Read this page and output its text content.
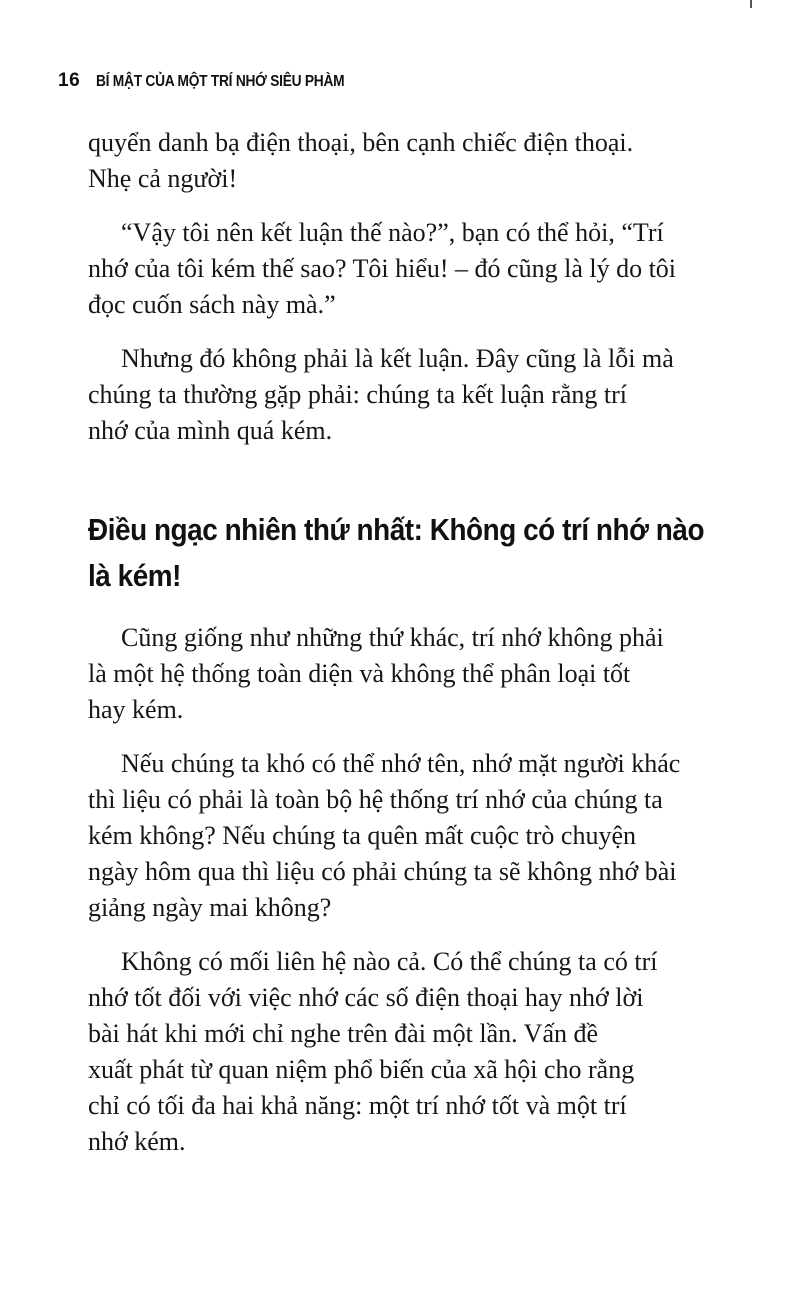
16 BÍ MẬT CỦA MỘT TRÍ NHỚ SIÊU PHÀM

quyển danh bạ điện thoại, bên cạnh chiếc điện thoại.
Nhẹ cả người!

“Vậy tôi nên kết luận thế nào?”, bạn có thể hỏi, “Trí
nhớ của tôi kém thế sao? Tôi hiểu! – đó cũng là lý do tôi
đọc cuốn sách này mà.”

Nhưng đó không phải là kết luận. Đây cũng là lỗi mà
chúng ta thường gặp phải: chúng ta kết luận rằng trí
nhớ của mình quá kém.

Điều ngạc nhiên thứ nhất: Không có trí nhớ nào
là kém!

Cũng giống như những thứ khác, trí nhớ không phải
là một hệ thống toàn diện và không thể phân loại tốt
hay kém.

Nếu chúng ta khó có thể nhớ tên, nhớ mặt người khác
thì liệu có phải là toàn bộ hệ thống trí nhớ của chúng ta
kém không? Nếu chúng ta quên mất cuộc trò chuyện
ngày hôm qua thì liệu có phải chúng ta sẽ không nhớ bài
giảng ngày mai không?

Không có mối liên hệ nào cả. Có thể chúng ta có trí
nhớ tốt đối với việc nhớ các số điện thoại hay nhớ lời
bài hát khi mới chỉ nghe trên đài một lần. Vấn đề
xuất phát từ quan niệm phổ biến của xã hội cho rằng
chỉ có tối đa hai khả năng: một trí nhớ tốt và một trí
nhớ kém.
